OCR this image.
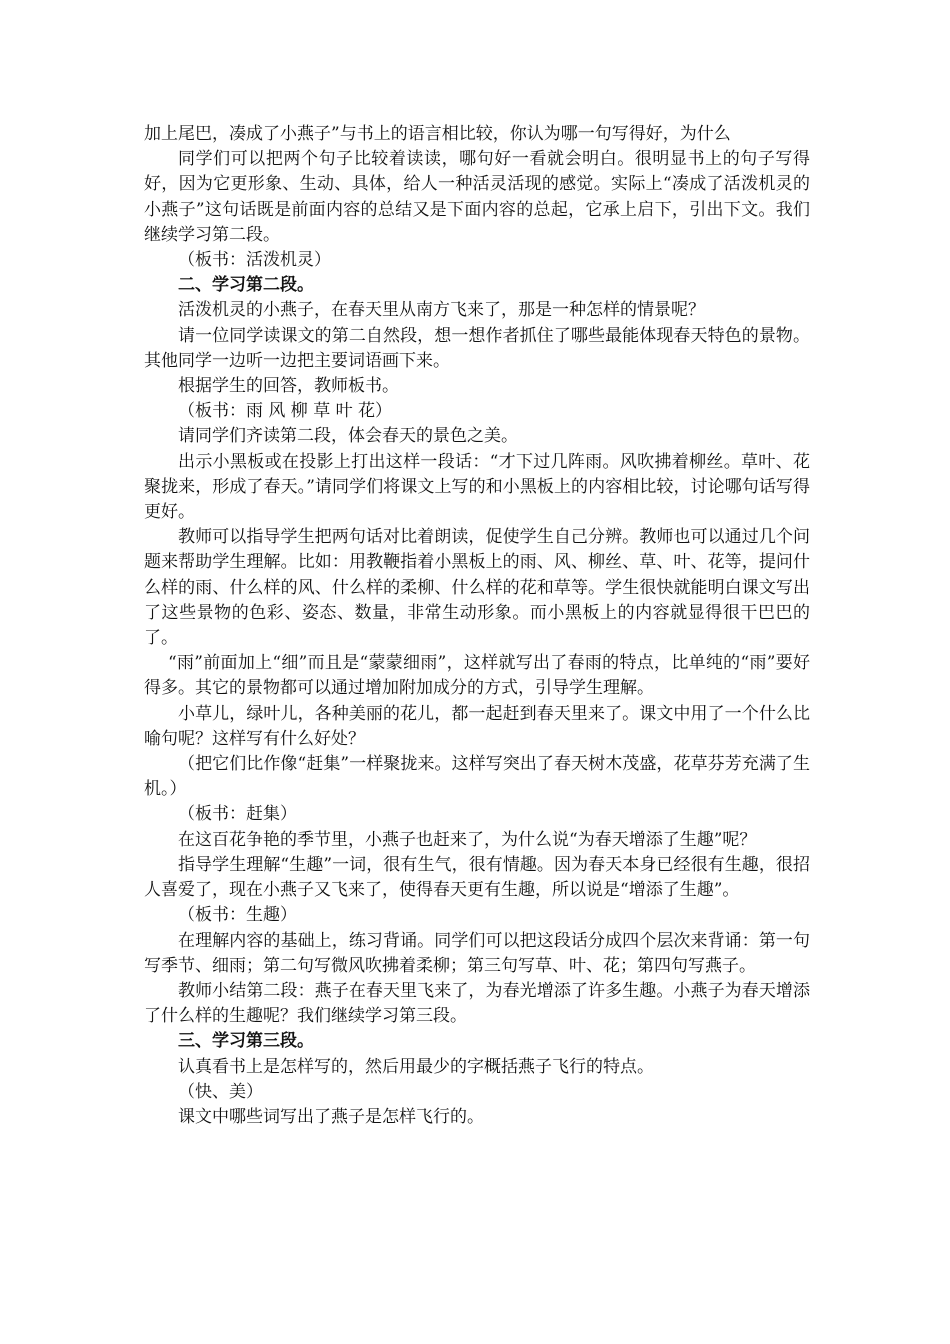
加上尾巴，凑成了小燕子”与书上的语言相比较，你认为哪一句写得好，为什么

同学们可以把两个句子比较着读读，哪句好一看就会明白。很明显书上的句子写得好，因为它更形象、生动、具体，给人一种活灵活现的感觉。实际上“凑成了活泼机灵的小燕子”这句话既是前面内容的总结又是下面内容的总起，它承上启下，引出下文。我们继续学习第二段。

（板书：活泼机灵）

二、学习第二段。

活泼机灵的小燕子，在春天里从南方飞来了，那是一种怎样的情景呢？

请一位同学读课文的第二自然段，想一想作者抓住了哪些最能体现春天特色的景物。其他同学一边听一边把主要词语画下来。

根据学生的回答，教师板书。

（板书：雨 风 柳 草 叶 花）

请同学们齐读第二段，体会春天的景色之美。

出示小黑板或在投影上打出这样一段话：“才下过几阵雨。风吹拂着柳丝。草叶、花聚拢来，形成了春天。”请同学们将课文上写的和小黑板上的内容相比较，讨论哪句话写得更好。

教师可以指导学生把两句话对比着朗读，促使学生自己分辨。教师也可以通过几个问题来帮助学生理解。比如：用教鞭指着小黑板上的雨、风、柳丝、草、叶、花等，提问什么样的雨、什么样的风、什么样的柔柳、什么样的花和草等。学生很快就能明白课文写出了这些景物的色彩、姿态、数量，非常生动形象。而小黑板上的内容就显得很干巴巴的了。

“雨”前面加上“细”而且是“蒙蒙细雨”，这样就写出了春雨的特点，比单纯的“雨”要好得多。其它的景物都可以通过增加附加成分的方式，引导学生理解。

小草儿，绿叶儿，各种美丽的花儿，都一起赶到春天里来了。课文中用了一个什么比喻句呢？这样写有什么好处？

（把它们比作像“赶集”一样聚拢来。这样写突出了春天树木茂盛，花草芬芳充满了生机。）

（板书：赶集）

在这百花争艳的季节里，小燕子也赶来了，为什么说“为春天增添了生趣”呢？

指导学生理解“生趣”一词，很有生气，很有情趣。因为春天本身已经很有生趣，很招人喜爱了，现在小燕子又飞来了，使得春天更有生趣，所以说是“增添了生趣”。

（板书：生趣）

在理解内容的基础上，练习背诵。同学们可以把这段话分成四个层次来背诵：第一句写季节、细雨；第二句写微风吹拂着柔柳；第三句写草、叶、花；第四句写燕子。

教师小结第二段：燕子在春天里飞来了，为春光增添了许多生趣。小燕子为春天增添了什么样的生趣呢？我们继续学习第三段。

三、学习第三段。

认真看书上是怎样写的，然后用最少的字概括燕子飞行的特点。

（快、美）

课文中哪些词写出了燕子是怎样飞行的。
